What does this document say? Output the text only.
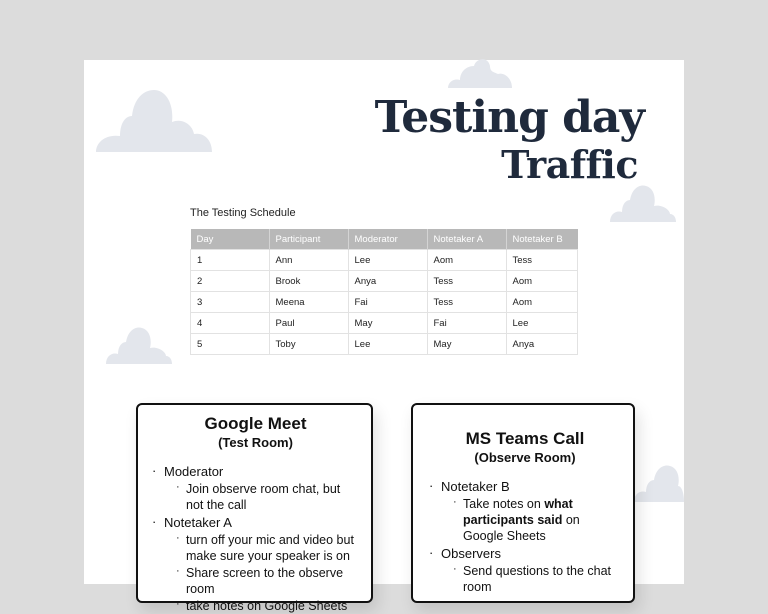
Testing day
Traffic
The Testing Schedule
Day	Participant	Moderator	Notetaker A	Notetaker B
1	Ann	Lee	Aom	Tess
2	Brook	Anya	Tess	Aom
3	Meena	Fai	Tess	Aom
4	Paul	May	Fai	Lee
5	Toby	Lee	May	Anya
Google Meet
(Test Room)
· Moderator
· Join observe room chat, but not the call
· Notetaker A
· turn off your mic and video but make sure your speaker is on
· Share screen to the observe room
· take notes on Google Sheets
MS Teams Call
(Observe Room)
· Notetaker B
· Take notes on what participants said on Google Sheets
· Observers
· Send questions to the chat room
